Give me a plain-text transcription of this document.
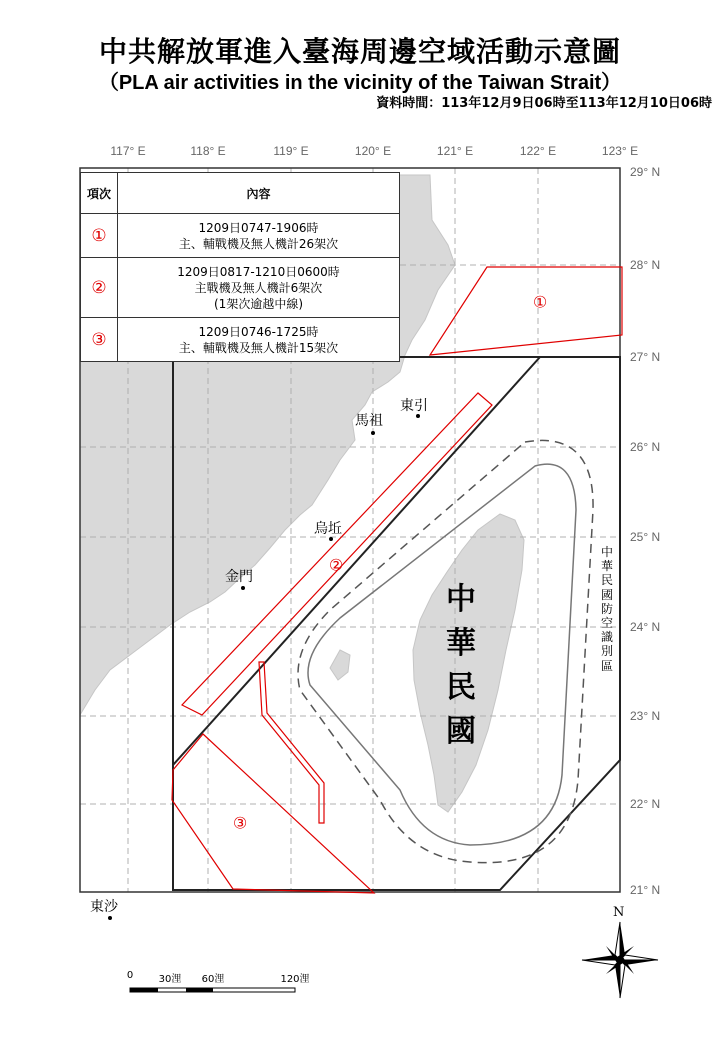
中共解放軍進入臺海周邊空域活動示意圖
（PLA air activities in the vicinity of the Taiwan Strait）
資料時間：113年12月9日06時至113年12月10日06時
117° E	118° E	119° E	120° E	121° E	122° E	123° E
29° N
28° N
27° N
26° N
25° N
24° N
23° N
22° N
21° N
項次	內容
①	1209日0747-1906時
主、輔戰機及無人機計26架次

②	1209日0817-1210日0600時
主戰機及無人機計6架次
(1架次逾越中線)

③	1209日0746-1725時
主、輔戰機及無人機計15架次
馬祖
東引
烏坵
金門
東沙
①
②
③
中華民國
中華民國防空識別區
0	30浬 60浬	120浬
N
